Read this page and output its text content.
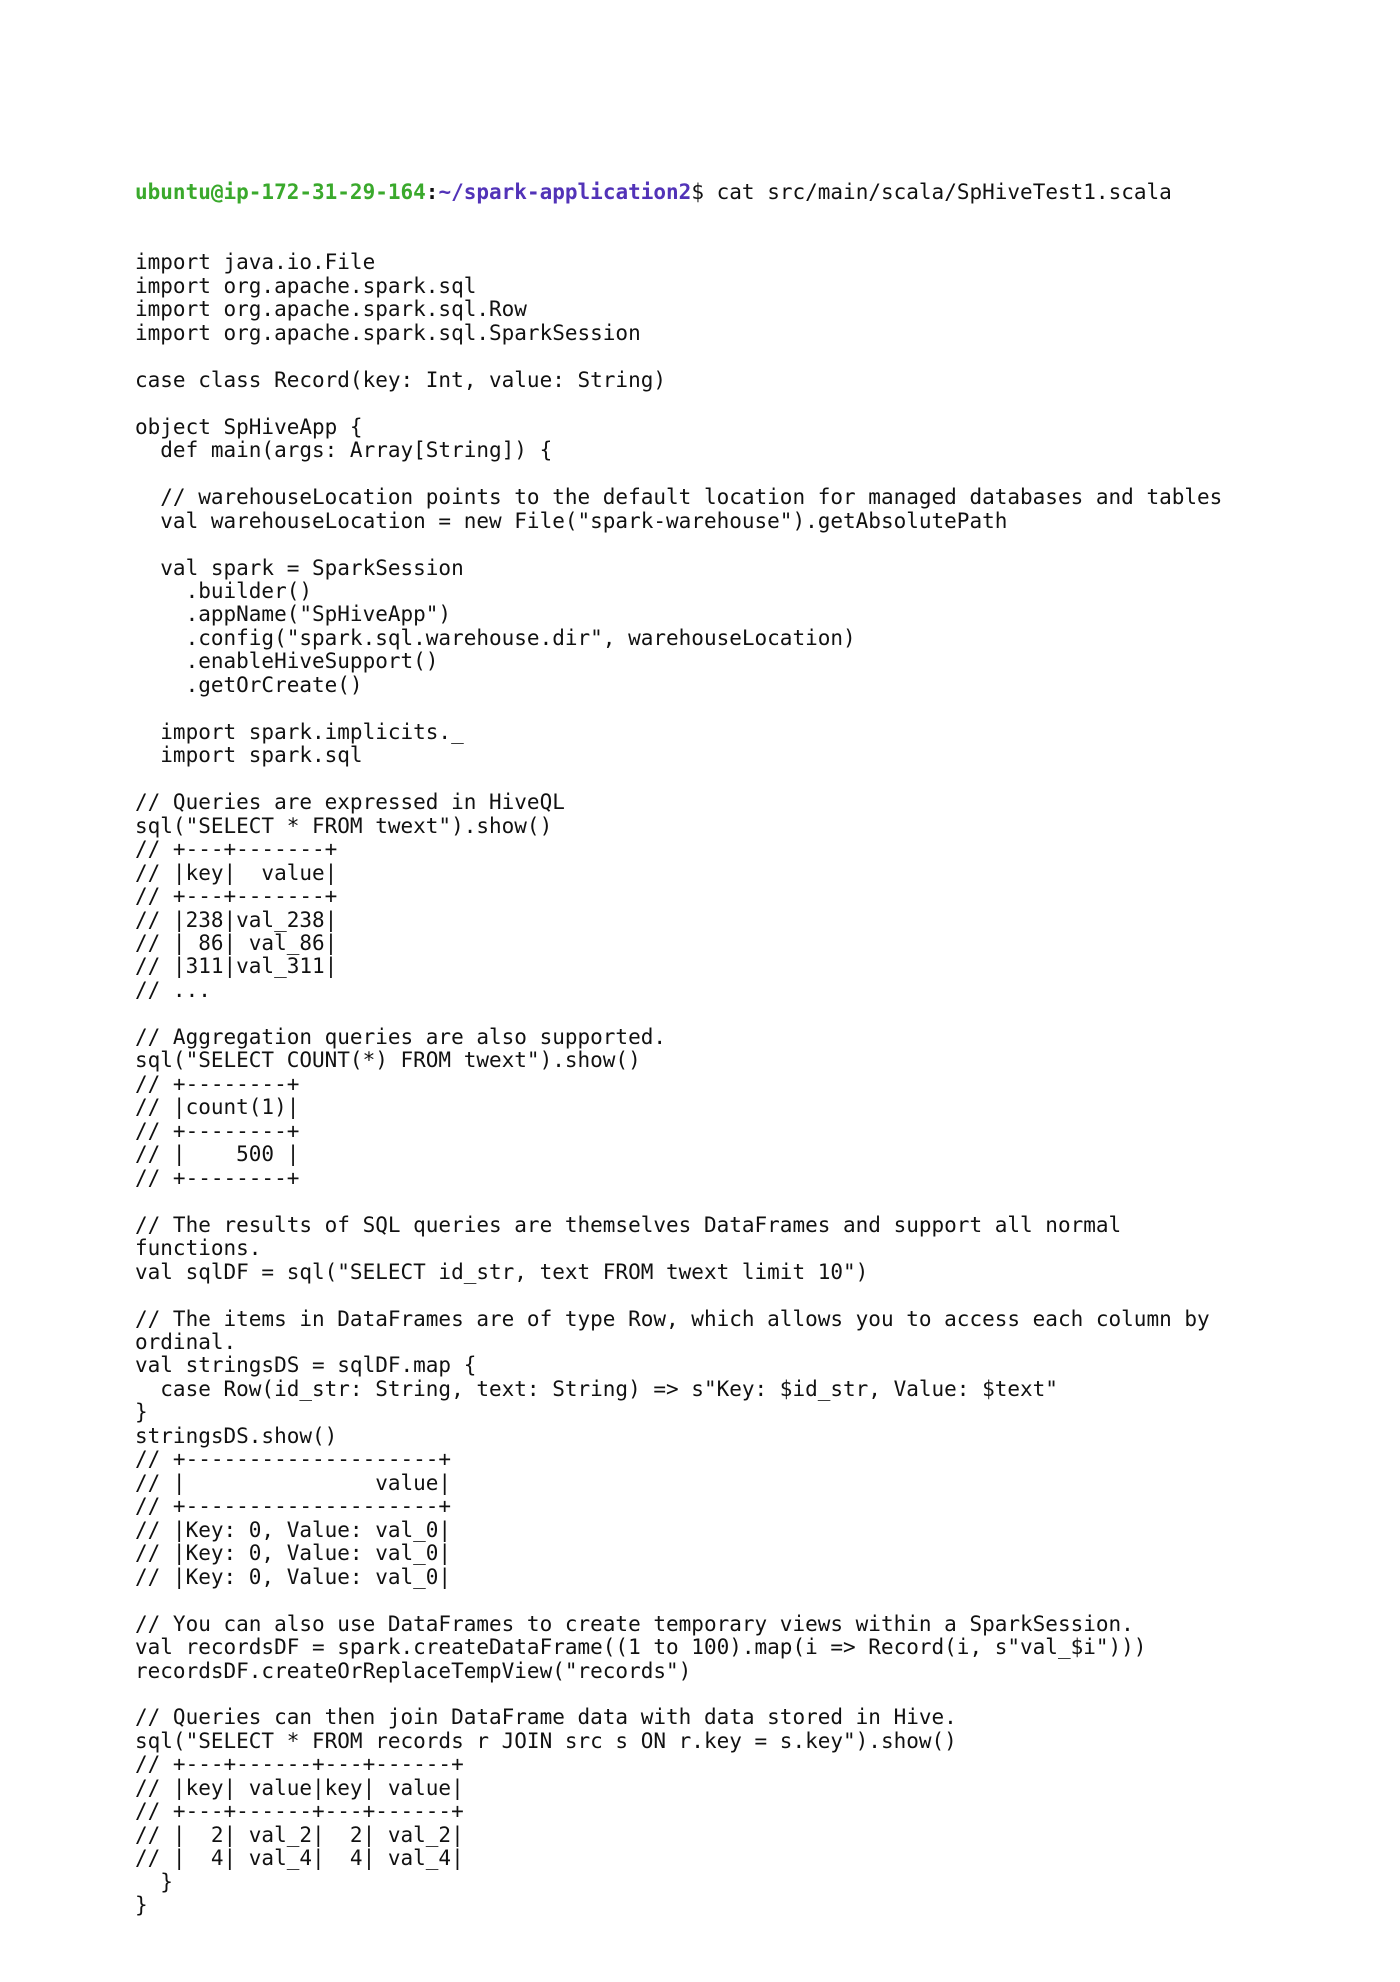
ubuntu@ip-172-31-29-164:~/spark-application2$ cat src/main/scala/SpHiveTest1.scala

import java.io.File
import org.apache.spark.sql
import org.apache.spark.sql.Row
import org.apache.spark.sql.SparkSession

case class Record(key: Int, value: String)

object SpHiveApp {
def main(args: Array[String]) {

// warehouseLocation points to the default location for managed databases and tables
val warehouseLocation = new File("spark-warehouse").getAbsolutePath

val spark = SparkSession
.builder()
.appName("SpHiveApp")
.config("spark.sql.warehouse.dir", warehouseLocation)
.enableHiveSupport()
.getOrCreate()

import spark.implicits._
import spark.sql

// Queries are expressed in HiveQL
sql("SELECT * FROM twext").show()
// +---+-------+
// |key|  value|
// +---+-------+
// |238|val_238|
// | 86| val_86|
// |311|val_311|
// ...

// Aggregation queries are also supported.
sql("SELECT COUNT(*) FROM twext").show()
// +--------+
// |count(1)|
// +--------+
// |    500 |
// +--------+

// The results of SQL queries are themselves DataFrames and support all normal
functions.
val sqlDF = sql("SELECT id_str, text FROM twext limit 10")

// The items in DataFrames are of type Row, which allows you to access each column by
ordinal.
val stringsDS = sqlDF.map {
case Row(id_str: String, text: String) => s"Key: $id_str, Value: $text"
}
stringsDS.show()
// +--------------------+
// |               value|
// +--------------------+
// |Key: 0, Value: val_0|
// |Key: 0, Value: val_0|
// |Key: 0, Value: val_0|

// You can also use DataFrames to create temporary views within a SparkSession.
val recordsDF = spark.createDataFrame((1 to 100).map(i => Record(i, s"val_$i")))
recordsDF.createOrReplaceTempView("records")

// Queries can then join DataFrame data with data stored in Hive.
sql("SELECT * FROM records r JOIN src s ON r.key = s.key").show()
// +---+------+---+------+
// |key| value|key| value|
// +---+------+---+------+
// |  2| val_2|  2| val_2|
// |  4| val_4|  4| val_4|
}
}
